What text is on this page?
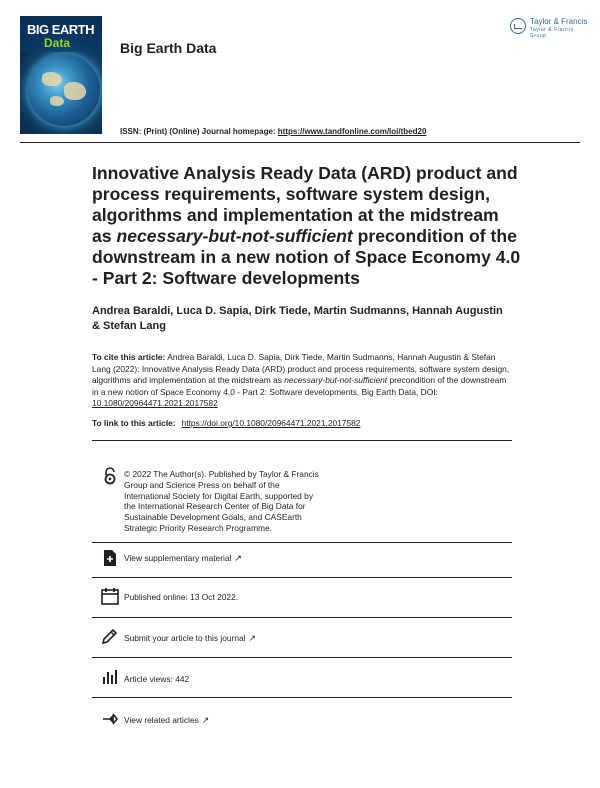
BIG EARTH
Data	Big Earth Data
Taylor & Francis
Taylor & Francis Group
ISSN: (Print) (Online) Journal homepage: https://www.tandfonline.com/loi/tbed20
Innovative Analysis Ready Data (ARD) product and process requirements, software system design, algorithms and implementation at the midstream as necessary-but-not-sufficient precondition of the downstream in a new notion of Space Economy 4.0 - Part 2: Software developments
Andrea Baraldi, Luca D. Sapia, Dirk Tiede, Martin Sudmanns, Hannah Augustin & Stefan Lang
To cite this article: Andrea Baraldi, Luca D. Sapia, Dirk Tiede, Martin Sudmanns, Hannah Augustin & Stefan Lang (2022): Innovative Analysis Ready Data (ARD) product and process requirements, software system design, algorithms and implementation at the midstream as necessary-but-not-sufficient precondition of the downstream in a new notion of Space Economy 4.0 - Part 2: Software developments, Big Earth Data, DOI: 10.1080/20964471.2021.2017582
To link to this article: https://doi.org/10.1080/20964471.2021.2017582
© 2022 The Author(s). Published by Taylor & Francis Group and Science Press on behalf of the International Society for Digital Earth, supported by the International Research Center of Big Data for Sustainable Development Goals, and CASEarth Strategic Priority Research Programme.
View supplementary material ↗
Published online: 13 Oct 2022.
Submit your article to this journal ↗
Article views: 442
View related articles ↗
